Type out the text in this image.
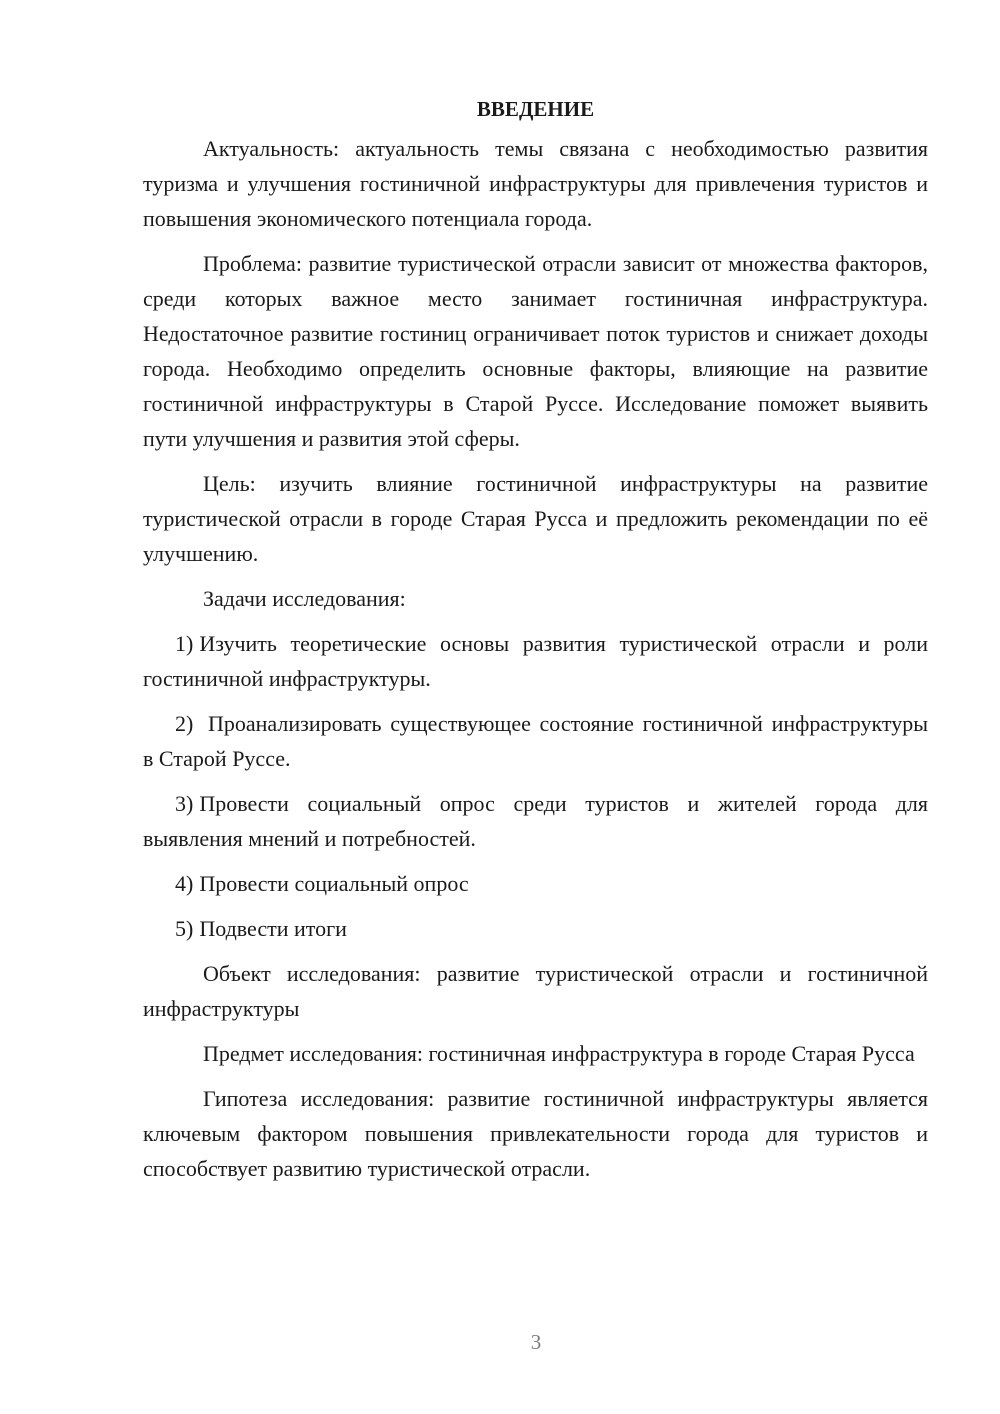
ВВЕДЕНИЕ

Актуальность: актуальность темы связана с необходимостью развития туризма и улучшения гостиничной инфраструктуры для привлечения туристов и повышения экономического потенциала города.

Проблема: развитие туристической отрасли зависит от множества факторов, среди которых важное место занимает гостиничная инфраструктура. Недостаточное развитие гостиниц ограничивает поток туристов и снижает доходы города. Необходимо определить основные факторы, влияющие на развитие гостиничной инфраструктуры в Старой Руссе. Исследование поможет выявить пути улучшения и развития этой сферы.

Цель: изучить влияние гостиничной инфраструктуры на развитие туристической отрасли в городе Старая Русса и предложить рекомендации по её улучшению.

Задачи исследования:

1) Изучить теоретические основы развития туристической отрасли и роли гостиничной инфраструктуры.

2) Проанализировать существующее состояние гостиничной инфраструктуры в Старой Руссе.

3) Провести социальный опрос среди туристов и жителей города для выявления мнений и потребностей.

4) Провести социальный опрос

5) Подвести итоги

Объект исследования: развитие туристической отрасли и гостиничной инфраструктуры

Предмет исследования: гостиничная инфраструктура в городе Старая Русса

Гипотеза исследования: развитие гостиничной инфраструктуры является ключевым фактором повышения привлекательности города для туристов и способствует развитию туристической отрасли.

3
